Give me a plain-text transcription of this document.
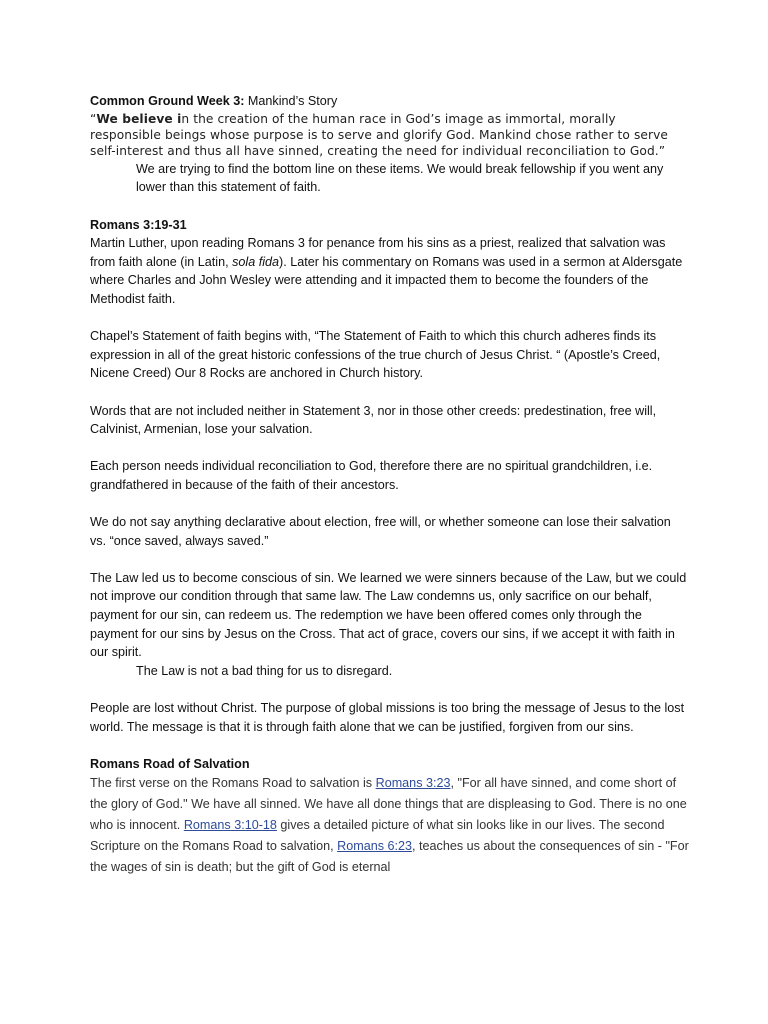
Common Ground Week 3: Mankind’s Story

“We believe in the creation of the human race in God’s image as immortal, morally responsible beings whose purpose is to serve and glorify God. Mankind chose rather to serve self-interest and thus all have sinned, creating the need for individual reconciliation to God.”

We are trying to find the bottom line on these items. We would break fellowship if you went any lower than this statement of faith.

Romans 3:19-31

Martin Luther, upon reading Romans 3 for penance from his sins as a priest, realized that salvation was from faith alone (in Latin, sola fida). Later his commentary on Romans was used in a sermon at Aldersgate where Charles and John Wesley were attending and it impacted them to become the founders of the Methodist faith.

Chapel’s Statement of faith begins with, “The Statement of Faith to which this church adheres finds its expression in all of the great historic confessions of the true church of Jesus Christ. “ (Apostle’s Creed, Nicene Creed) Our 8 Rocks are anchored in Church history.

Words that are not included neither in Statement 3, nor in those other creeds: predestination, free will, Calvinist, Armenian, lose your salvation.

Each person needs individual reconciliation to God, therefore there are no spiritual grandchildren, i.e. grandfathered in because of the faith of their ancestors.

We do not say anything declarative about election, free will, or whether someone can lose their salvation vs. “once saved, always saved.”

The Law led us to become conscious of sin. We learned we were sinners because of the Law, but we could not improve our condition through that same law. The Law condemns us, only sacrifice on our behalf, payment for our sin, can redeem us. The redemption we have been offered comes only through the payment for our sins by Jesus on the Cross. That act of grace, covers our sins, if we accept it with faith in our spirit.

The Law is not a bad thing for us to disregard.

People are lost without Christ. The purpose of global missions is too bring the message of Jesus to the lost world. The message is that it is through faith alone that we can be justified, forgiven from our sins.

Romans Road of Salvation

The first verse on the Romans Road to salvation is Romans 3:23, "For all have sinned, and come short of the glory of God." We have all sinned. We have all done things that are displeasing to God. There is no one who is innocent. Romans 3:10-18 gives a detailed picture of what sin looks like in our lives. The second Scripture on the Romans Road to salvation, Romans 6:23, teaches us about the consequences of sin - "For the wages of sin is death; but the gift of God is eternal
